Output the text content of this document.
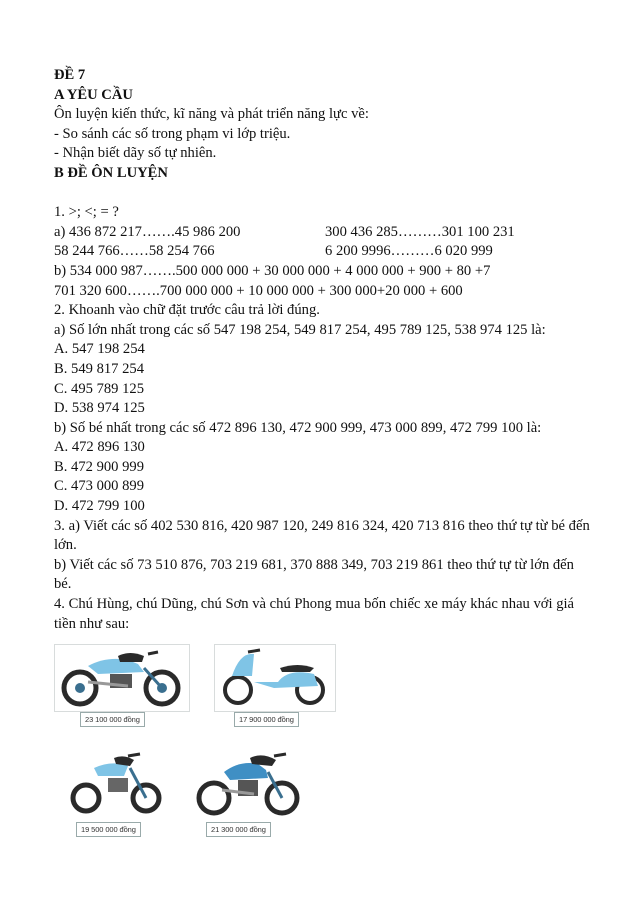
ĐỀ 7
A YÊU CẦU
Ôn luyện kiến thức, kĩ năng và phát triển năng lực về:
- So sánh các số trong phạm vi lớp triệu.
- Nhận biết dãy số tự nhiên.
B ĐỀ ÔN LUYỆN
1. >; <; = ?
a) 436 872 217…….45 986 200	300 436 285………301 100 231
58 244 766……58 254 766	6 200 9996………6 020 999
b) 534 000 987…….500 000 000 + 30 000 000 + 4 000 000 + 900 + 80 +7
701 320 600…….700 000 000 + 10 000 000 + 300 000+20 000 + 600
2. Khoanh vào chữ đặt trước câu trả lời đúng.
a) Số lớn nhất trong các số 547 198 254, 549 817 254, 495 789 125, 538 974 125 là:
A. 547 198 254
B. 549 817 254
C. 495 789 125
D. 538 974 125
b) Số bé nhất trong các số 472 896 130, 472 900 999, 473 000 899, 472 799 100 là:
A. 472 896 130
B. 472 900 999
C. 473 000 899
D. 472 799 100
3. a) Viết các số 402 530 816, 420 987 120, 249 816 324, 420 713 816 theo thứ tự từ bé đến lớn.
b) Viết các số 73 510 876, 703 219 681, 370 888 349, 703 219 861 theo thứ tự từ lớn đến bé.
4. Chú Hùng, chú Dũng, chú Sơn và chú Phong mua bốn chiếc xe máy khác nhau với giá tiền như sau:
23 100 000 đồng	17 900 000 đồng
19 500 000 đồng	21 300 000 đồng
